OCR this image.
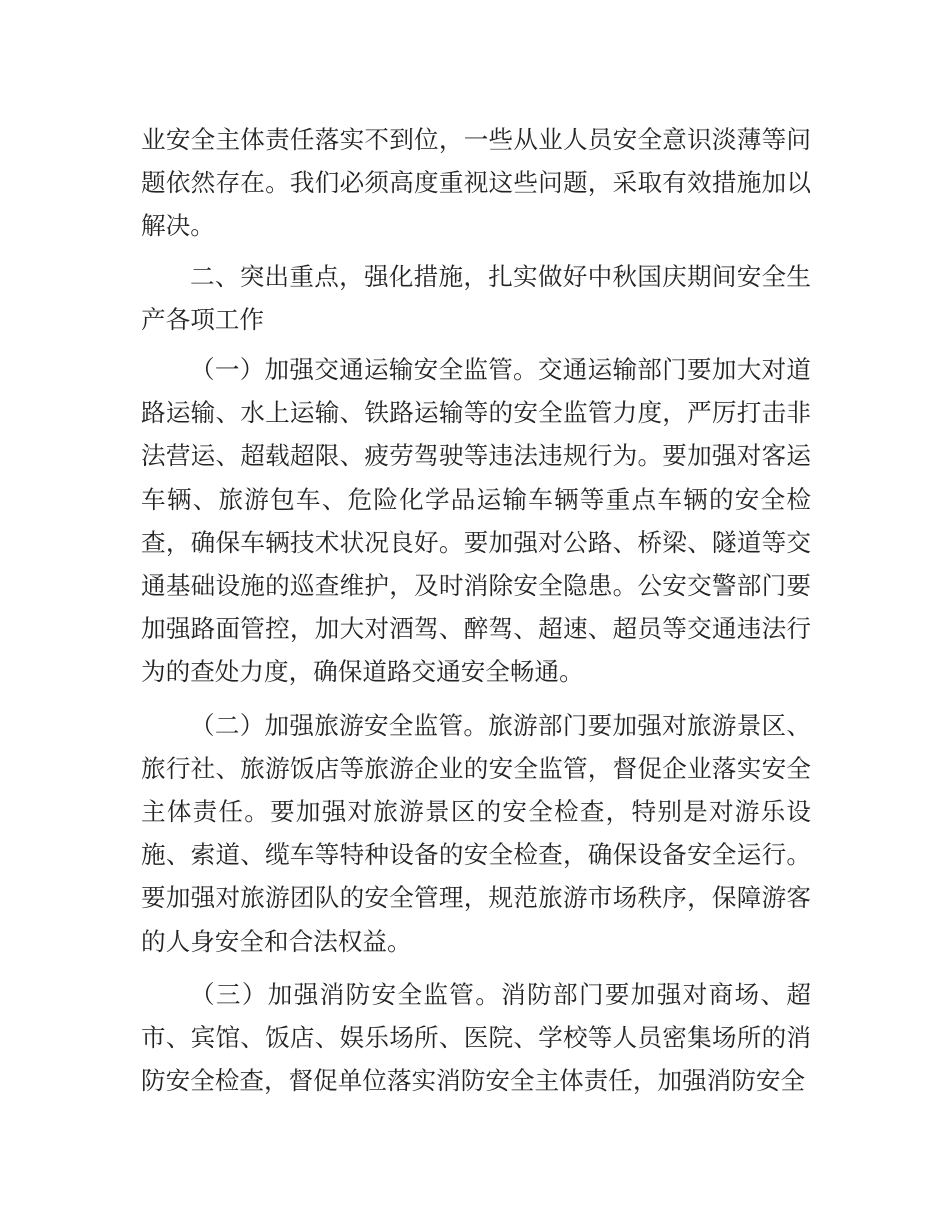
业安全主体责任落实不到位，一些从业人员安全意识淡薄等问题依然存在。我们必须高度重视这些问题，采取有效措施加以解决。

二、突出重点，强化措施，扎实做好中秋国庆期间安全生产各项工作

（一）加强交通运输安全监管。交通运输部门要加大对道路运输、水上运输、铁路运输等的安全监管力度，严厉打击非法营运、超载超限、疲劳驾驶等违法违规行为。要加强对客运车辆、旅游包车、危险化学品运输车辆等重点车辆的安全检查，确保车辆技术状况良好。要加强对公路、桥梁、隧道等交通基础设施的巡查维护，及时消除安全隐患。公安交警部门要加强路面管控，加大对酒驾、醉驾、超速、超员等交通违法行为的查处力度，确保道路交通安全畅通。

（二）加强旅游安全监管。旅游部门要加强对旅游景区、旅行社、旅游饭店等旅游企业的安全监管，督促企业落实安全主体责任。要加强对旅游景区的安全检查，特别是对游乐设施、索道、缆车等特种设备的安全检查，确保设备安全运行。要加强对旅游团队的安全管理，规范旅游市场秩序，保障游客的人身安全和合法权益。

（三）加强消防安全监管。消防部门要加强对商场、超市、宾馆、饭店、娱乐场所、医院、学校等人员密集场所的消防安全检查，督促单位落实消防安全主体责任，加强消防安全
